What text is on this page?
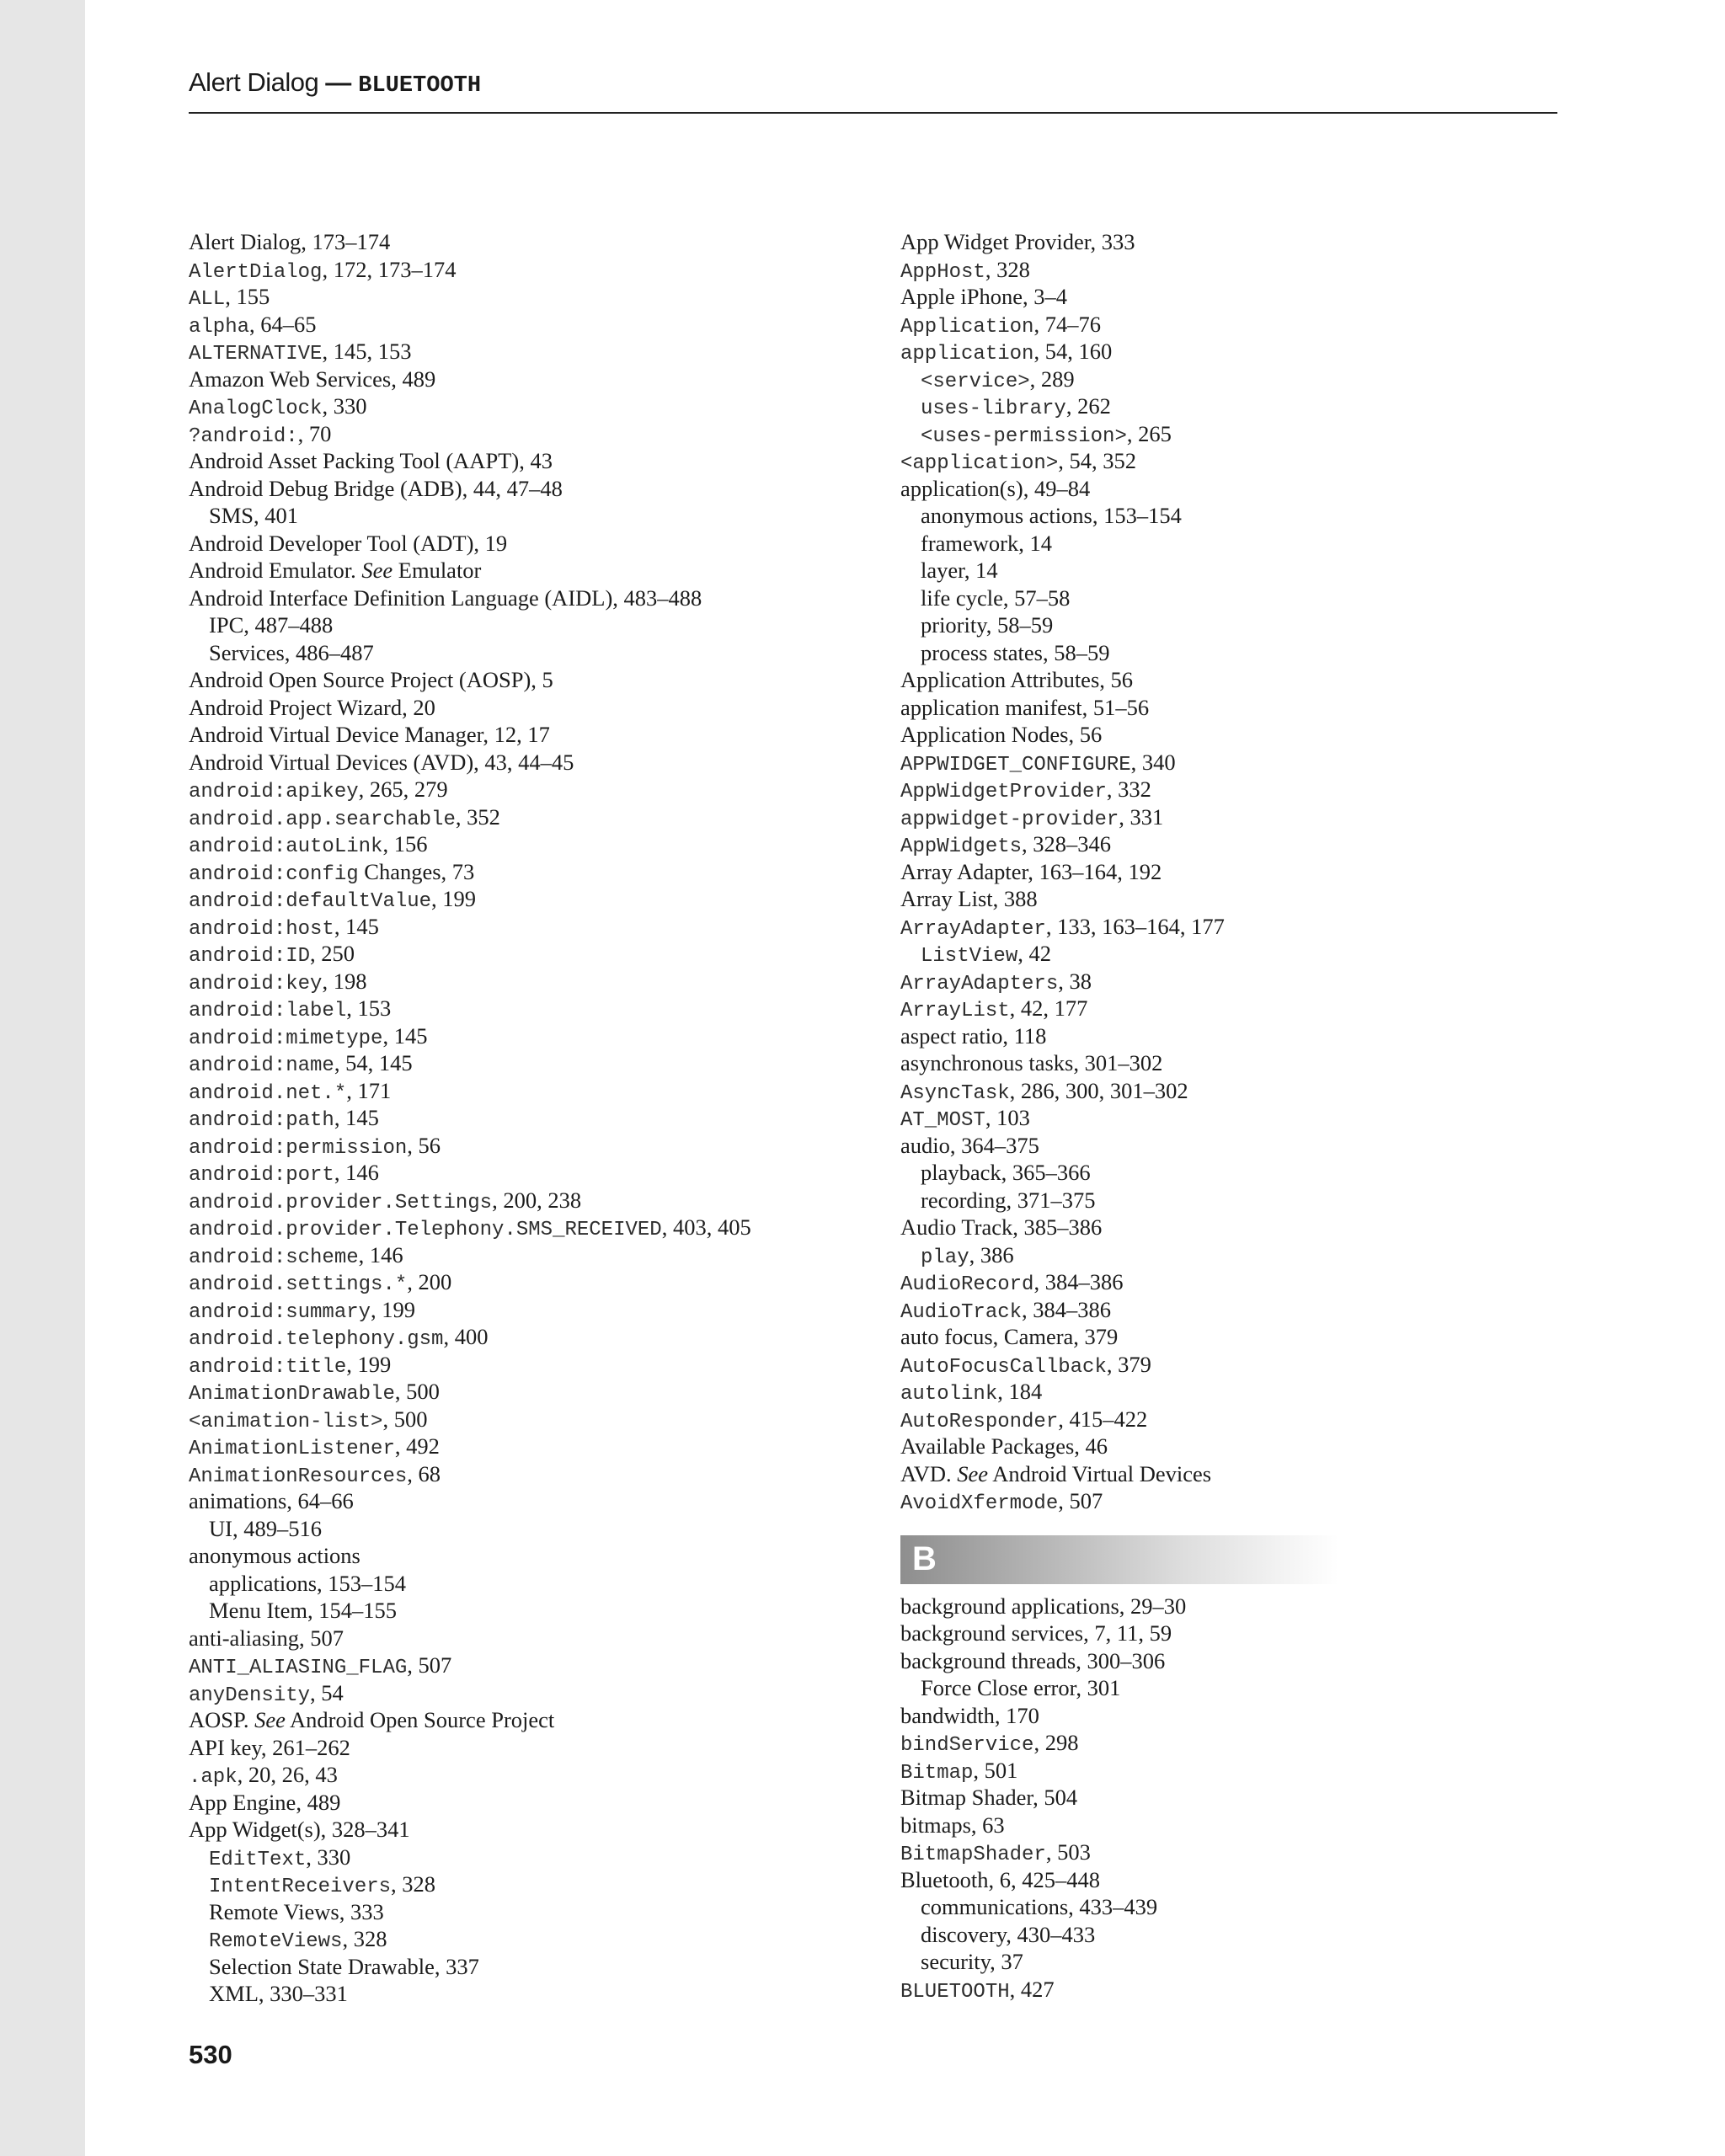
Alert Dialog — BLUETOOTH
Alert Dialog, 173–174
AlertDialog, 172, 173–174
ALL, 155
alpha, 64–65
ALTERNATIVE, 145, 153
Amazon Web Services, 489
AnalogClock, 330
?android:, 70
Android Asset Packing Tool (AAPT), 43
Android Debug Bridge (ADB), 44, 47–48
SMS, 401
Android Developer Tool (ADT), 19
Android Emulator. See Emulator
Android Interface Definition Language (AIDL), 483–488
IPC, 487–488
Services, 486–487
Android Open Source Project (AOSP), 5
Android Project Wizard, 20
Android Virtual Device Manager, 12, 17
Android Virtual Devices (AVD), 43, 44–45
android:apikey, 265, 279
android.app.searchable, 352
android:autoLink, 156
android:config Changes, 73
android:defaultValue, 199
android:host, 145
android:ID, 250
android:key, 198
android:label, 153
android:mimetype, 145
android:name, 54, 145
android.net.*, 171
android:path, 145
android:permission, 56
android:port, 146
android.provider.Settings, 200, 238
android.provider.Telephony.SMS_RECEIVED, 403, 405
android:scheme, 146
android.settings.*, 200
android:summary, 199
android.telephony.gsm, 400
android:title, 199
AnimationDrawable, 500
<animation-list>, 500
AnimationListener, 492
AnimationResources, 68
animations, 64–66
UI, 489–516
anonymous actions
applications, 153–154
Menu Item, 154–155
anti-aliasing, 507
ANTI_ALIASING_FLAG, 507
anyDensity, 54
AOSP. See Android Open Source Project
API key, 261–262
.apk, 20, 26, 43
App Engine, 489
App Widget(s), 328–341
EditText, 330
IntentReceivers, 328
Remote Views, 333
RemoteViews, 328
Selection State Drawable, 337
XML, 330–331
App Widget Provider, 333
AppHost, 328
Apple iPhone, 3–4
Application, 74–76
application, 54, 160
<service>, 289
uses-library, 262
<uses-permission>, 265
<application>, 54, 352
application(s), 49–84
anonymous actions, 153–154
framework, 14
layer, 14
life cycle, 57–58
priority, 58–59
process states, 58–59
Application Attributes, 56
application manifest, 51–56
Application Nodes, 56
APPWIDGET_CONFIGURE, 340
AppWidgetProvider, 332
appwidget-provider, 331
AppWidgets, 328–346
Array Adapter, 163–164, 192
Array List, 388
ArrayAdapter, 133, 163–164, 177
ListView, 42
ArrayAdapters, 38
ArrayList, 42, 177
aspect ratio, 118
asynchronous tasks, 301–302
AsyncTask, 286, 300, 301–302
AT_MOST, 103
audio, 364–375
playback, 365–366
recording, 371–375
Audio Track, 385–386
play, 386
AudioRecord, 384–386
AudioTrack, 384–386
auto focus, Camera, 379
AutoFocusCallback, 379
autolink, 184
AutoResponder, 415–422
Available Packages, 46
AVD. See Android Virtual Devices
AvoidXfermode, 507
B
background applications, 29–30
background services, 7, 11, 59
background threads, 300–306
Force Close error, 301
bandwidth, 170
bindService, 298
Bitmap, 501
Bitmap Shader, 504
bitmaps, 63
BitmapShader, 503
Bluetooth, 6, 425–448
communications, 433–439
discovery, 430–433
security, 37
BLUETOOTH, 427
530
